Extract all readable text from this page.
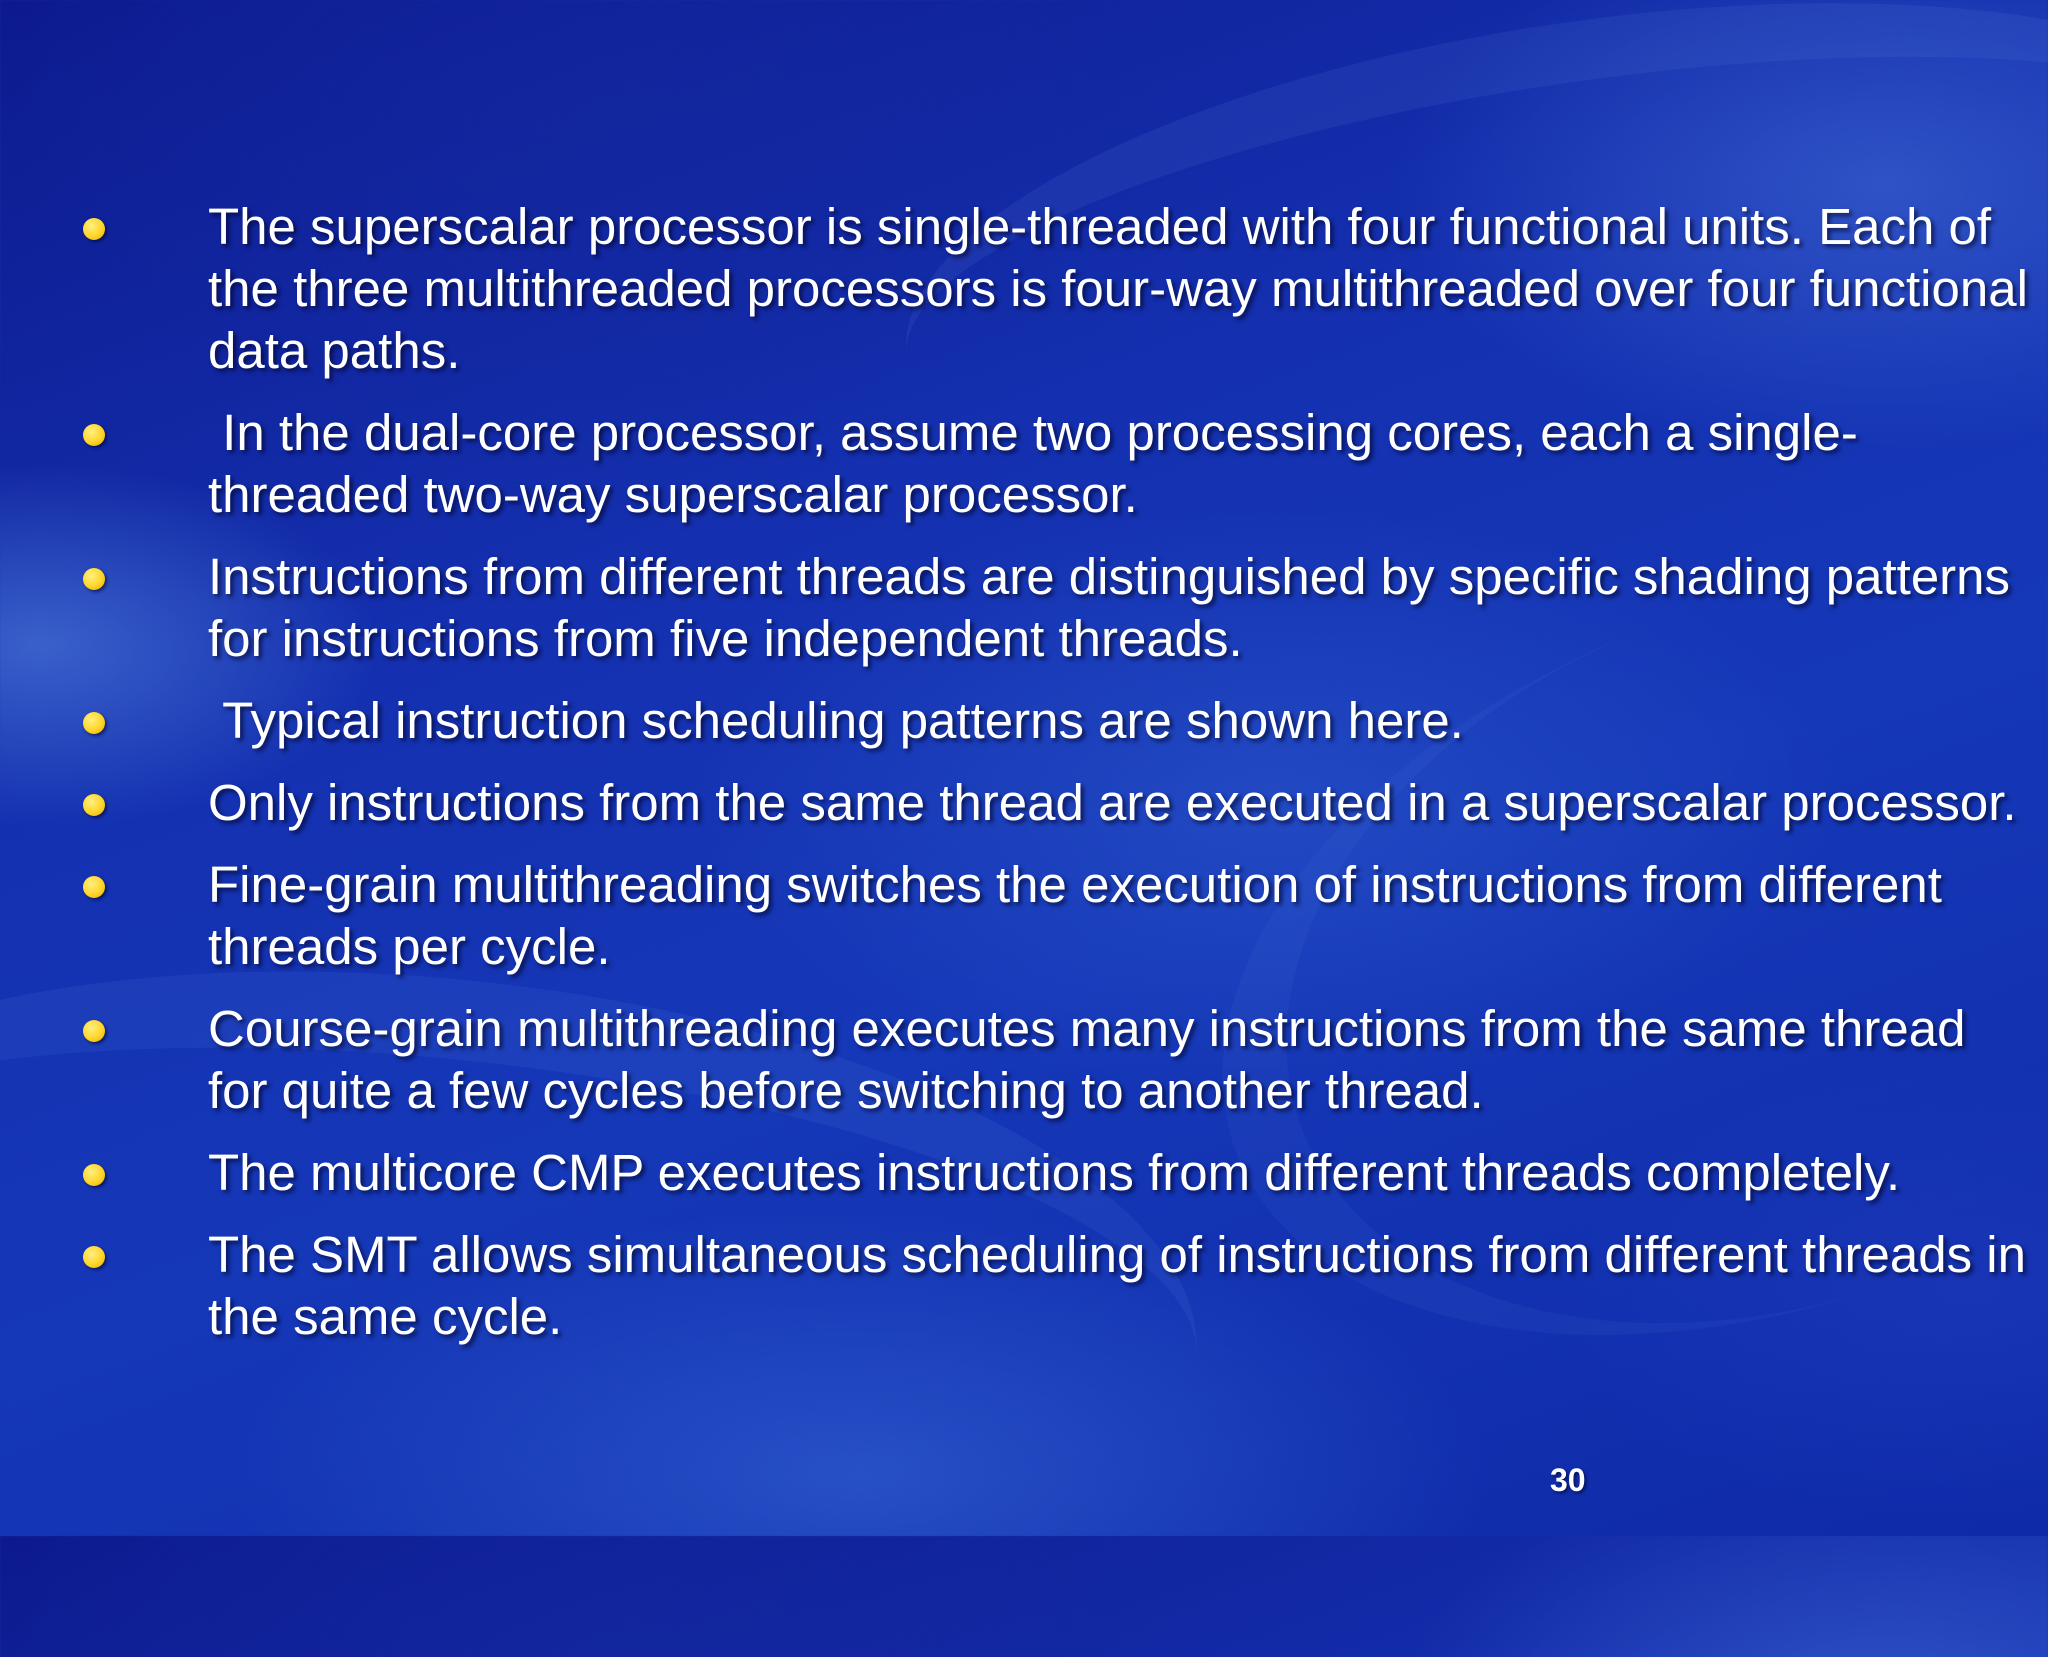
The superscalar processor is single-threaded with four functional units. Each of the three multithreaded processors is four-way multithreaded over four functional data paths.
In the dual-core processor, assume two processing cores, each a single-threaded two-way superscalar processor.
Instructions from different threads are distinguished by specific shading patterns for instructions from five independent threads.
Typical instruction scheduling patterns are shown here.
Only instructions from the same thread are executed in a superscalar processor.
Fine-grain multithreading switches the execution of instructions from different threads per cycle.
Course-grain multithreading executes many instructions from the same thread for quite a few cycles before switching to another thread.
The multicore CMP executes instructions from different threads completely.
The SMT allows simultaneous scheduling of instructions from different threads in the same cycle.
30
